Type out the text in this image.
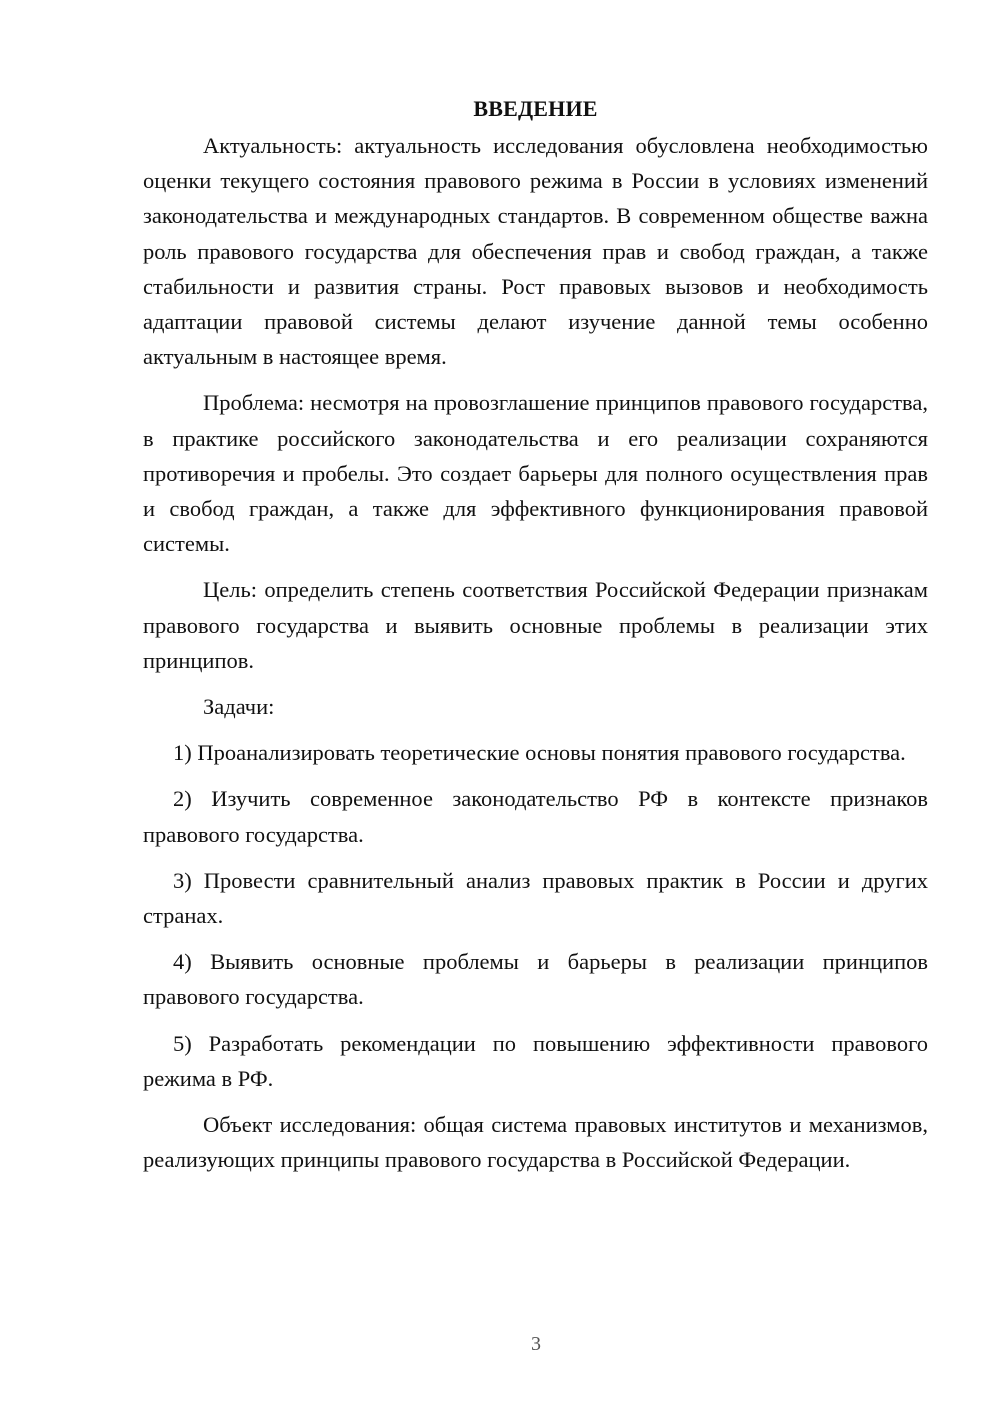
ВВЕДЕНИЕ

Актуальность: актуальность исследования обусловлена необходимостью оценки текущего состояния правового режима в России в условиях изменений законодательства и международных стандартов. В современном обществе важна роль правового государства для обеспечения прав и свобод граждан, а также стабильности и развития страны. Рост правовых вызовов и необходимость адаптации правовой системы делают изучение данной темы особенно актуальным в настоящее время.

Проблема: несмотря на провозглашение принципов правового государства, в практике российского законодательства и его реализации сохраняются противоречия и пробелы. Это создает барьеры для полного осуществления прав и свобод граждан, а также для эффективного функционирования правовой системы.

Цель: определить степень соответствия Российской Федерации признакам правового государства и выявить основные проблемы в реализации этих принципов.

Задачи:

1) Проанализировать теоретические основы понятия правового государства.

2) Изучить современное законодательство РФ в контексте признаков правового государства.

3) Провести сравнительный анализ правовых практик в России и других странах.

4) Выявить основные проблемы и барьеры в реализации принципов правового государства.

5) Разработать рекомендации по повышению эффективности правового режима в РФ.

Объект исследования: общая система правовых институтов и механизмов, реализующих принципы правового государства в Российской Федерации.

3
